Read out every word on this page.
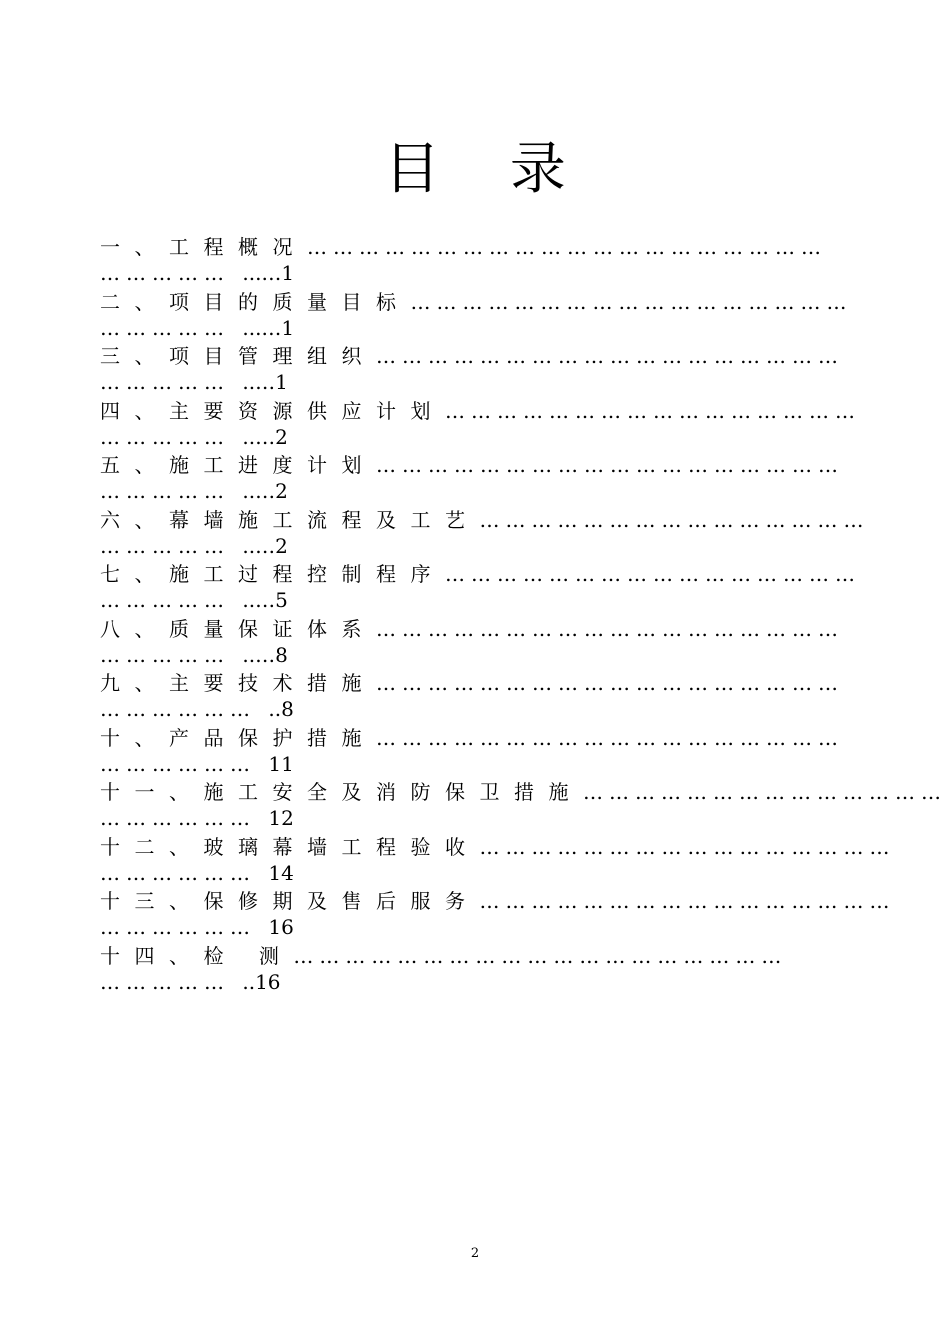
目 录
一、工程概况 ……………………………………………………
…………… ...…1
二、项目的质量目标 ……………………………………………
…………… ...…1
三、项目管理组织 ………………………………………………
…………… ..…1
四、主要资源供应计划 …………………………………………
…………… ..…2
五、施工进度计划 ………………………………………………
…………… ..…2
六、幕墙施工流程及工艺 ………………………………………
…………… ..…2
七、施工过程控制程序 …………………………………………
…………… ..…5
八、质量保证体系 ………………………………………………
…………… ..…8
九、主要技术措施 ………………………………………………
……………… ..8
十、产品保护措施 ………………………………………………
……………… 11
十一、施工安全及消防保卫措施 ……………………………………
……………… 12
十二、玻璃幕墙工程验收 …………………………………………
……………… 14
十三、保修期及售后服务 …………………………………………
……………… 16
十四、检 测 …………………………………………………
…………… ..16
2
